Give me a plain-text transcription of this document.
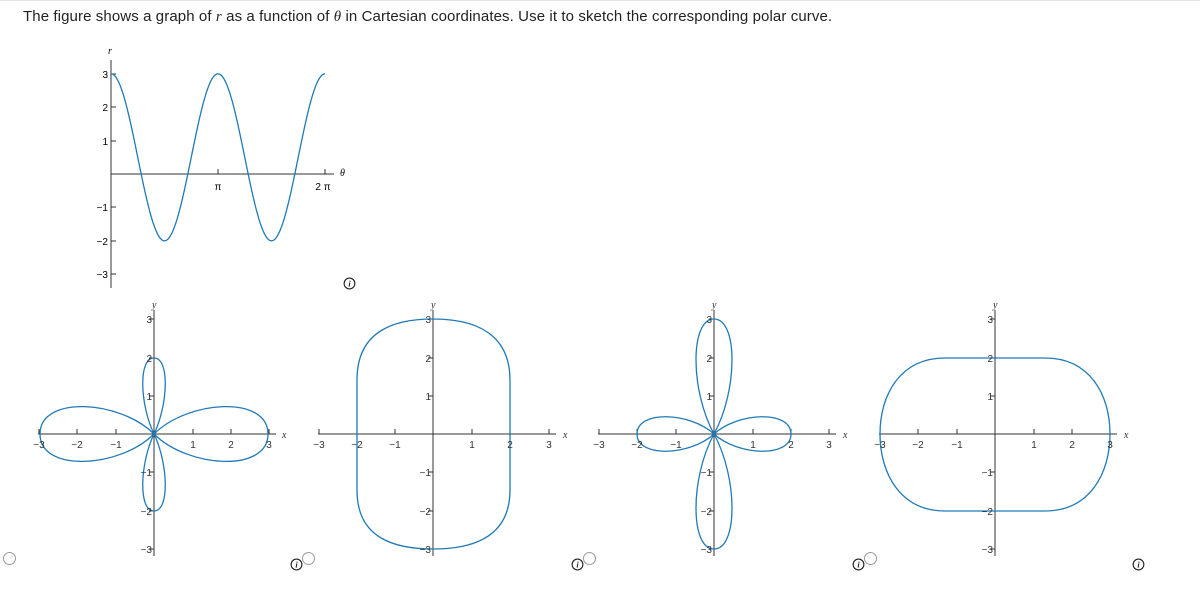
The figure shows a graph of r as a function of θ in Cartesian coordinates. Use it to sketch the corresponding polar curve.
r
θ
3
2
1
−1
−2
−3
π	2 π
i
y
x
−3	−2	−1	1	2	3
3
2
1
−1
−2
−3
y
x
−3	−2	−1	1	2	3
3
2
1
−1
−2
−3
y
x
−3	−2	−1	1	2	3
3
2
1
−1
−2
−3
y
x
−3	−2	−1	1	2	3
3
2
1
−1
−2
−3
i	i	i	i
